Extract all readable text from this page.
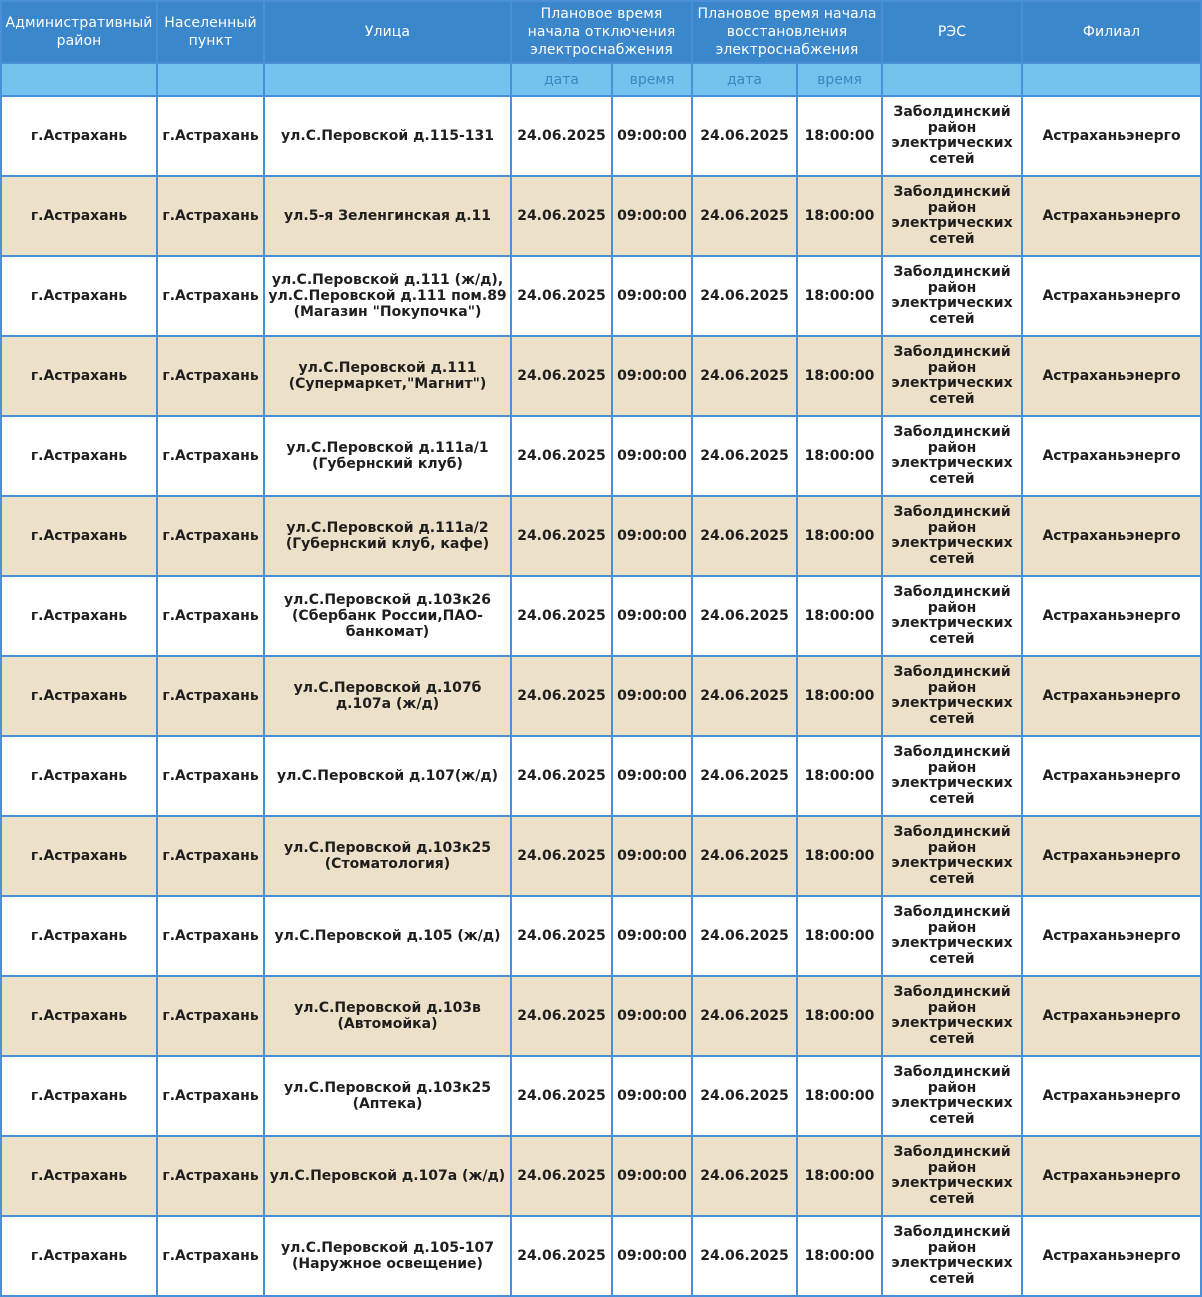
Административный район	Населенный пункт	Улица	Плановое время начала отключения электроснабжения		Плановое время начала восстановления электроснабжения		РЭС	Филиал
			дата	время	дата	время		
г.Астрахань	г.Астрахань	ул.С.Перовской д.115-131	24.06.2025	09:00:00	24.06.2025	18:00:00	Заболдинский район электрических сетей	Астраханьэнерго
г.Астрахань	г.Астрахань	ул.5-я Зеленгинская д.11	24.06.2025	09:00:00	24.06.2025	18:00:00	Заболдинский район электрических сетей	Астраханьэнерго
г.Астрахань	г.Астрахань	ул.С.Перовской д.111 (ж/д), ул.С.Перовской д.111 пом.89 (Магазин "Покупочка")	24.06.2025	09:00:00	24.06.2025	18:00:00	Заболдинский район электрических сетей	Астраханьэнерго
г.Астрахань	г.Астрахань	ул.С.Перовской д.111 (Супермаркет,"Магнит")	24.06.2025	09:00:00	24.06.2025	18:00:00	Заболдинский район электрических сетей	Астраханьэнерго
г.Астрахань	г.Астрахань	ул.С.Перовской д.111а/1 (Губернский клуб)	24.06.2025	09:00:00	24.06.2025	18:00:00	Заболдинский район электрических сетей	Астраханьэнерго
г.Астрахань	г.Астрахань	ул.С.Перовской д.111а/2 (Губернский клуб, кафе)	24.06.2025	09:00:00	24.06.2025	18:00:00	Заболдинский район электрических сетей	Астраханьэнерго
г.Астрахань	г.Астрахань	ул.С.Перовской д.103к26 (Сбербанк России,ПАО-банкомат)	24.06.2025	09:00:00	24.06.2025	18:00:00	Заболдинский район электрических сетей	Астраханьэнерго
г.Астрахань	г.Астрахань	ул.С.Перовской д.107б д.107а (ж/д)	24.06.2025	09:00:00	24.06.2025	18:00:00	Заболдинский район электрических сетей	Астраханьэнерго
г.Астрахань	г.Астрахань	ул.С.Перовской д.107(ж/д)	24.06.2025	09:00:00	24.06.2025	18:00:00	Заболдинский район электрических сетей	Астраханьэнерго
г.Астрахань	г.Астрахань	ул.С.Перовской д.103к25 (Стоматология)	24.06.2025	09:00:00	24.06.2025	18:00:00	Заболдинский район электрических сетей	Астраханьэнерго
г.Астрахань	г.Астрахань	ул.С.Перовской д.105 (ж/д)	24.06.2025	09:00:00	24.06.2025	18:00:00	Заболдинский район электрических сетей	Астраханьэнерго
г.Астрахань	г.Астрахань	ул.С.Перовской д.103в (Автомойка)	24.06.2025	09:00:00	24.06.2025	18:00:00	Заболдинский район электрических сетей	Астраханьэнерго
г.Астрахань	г.Астрахань	ул.С.Перовской д.103к25 (Аптека)	24.06.2025	09:00:00	24.06.2025	18:00:00	Заболдинский район электрических сетей	Астраханьэнерго
г.Астрахань	г.Астрахань	ул.С.Перовской д.107а (ж/д)	24.06.2025	09:00:00	24.06.2025	18:00:00	Заболдинский район электрических сетей	Астраханьэнерго
г.Астрахань	г.Астрахань	ул.С.Перовской д.105-107 (Наружное освещение)	24.06.2025	09:00:00	24.06.2025	18:00:00	Заболдинский район электрических сетей	Астраханьэнерго
